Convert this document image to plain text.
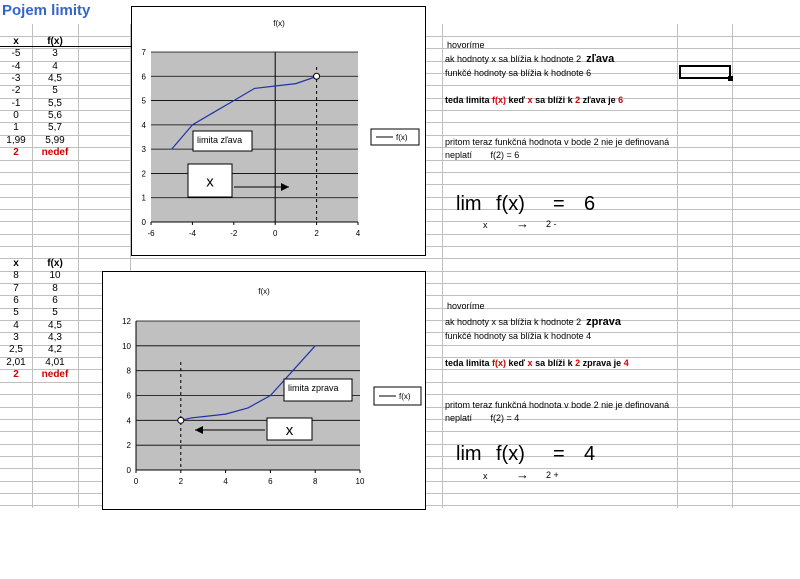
Pojem limity
x	f(x)
-5	3
-4	4
-3	4,5
-2	5
-1	5,5
0	5,6
1	5,7
1,99	5,99
2	nedef
x	f(x)
8	10
7	8
6	6
5	5
4	4,5
3	4,3
2,5	4,2
2,01	4,01
2	nedef
f(x)
0
1
2
3
4
5
6
7
-6	-4	-2	0	2	4
limita zľava
x
f(x)
f(x)
0
2
4
6
8
10
12
0	2	4	6	8	10
limita zprava
x
f(x)
hovoríme
ak hodnoty x sa blížia k hodnote 2 zľava
funkčé hodnoty sa blížia k hodnote 6
teda limita f(x) keď x sa blíži k 2 zľava je 6
pritom teraz funkčná hodnota v bode 2 nie je definovaná
neplatí f(2) = 6
lim f(x) = 6
x → 2 -
hovoríme
ak hodnoty x sa blížia k hodnote 2 zprava
funkčé hodnoty sa blížia k hodnote 4
teda limita f(x) keď x sa blíži k 2 zprava je 4
pritom teraz funkčná hodnota v bode 2 nie je definovaná
neplatí f(2) = 4
lim f(x) = 4
x → 2 +
